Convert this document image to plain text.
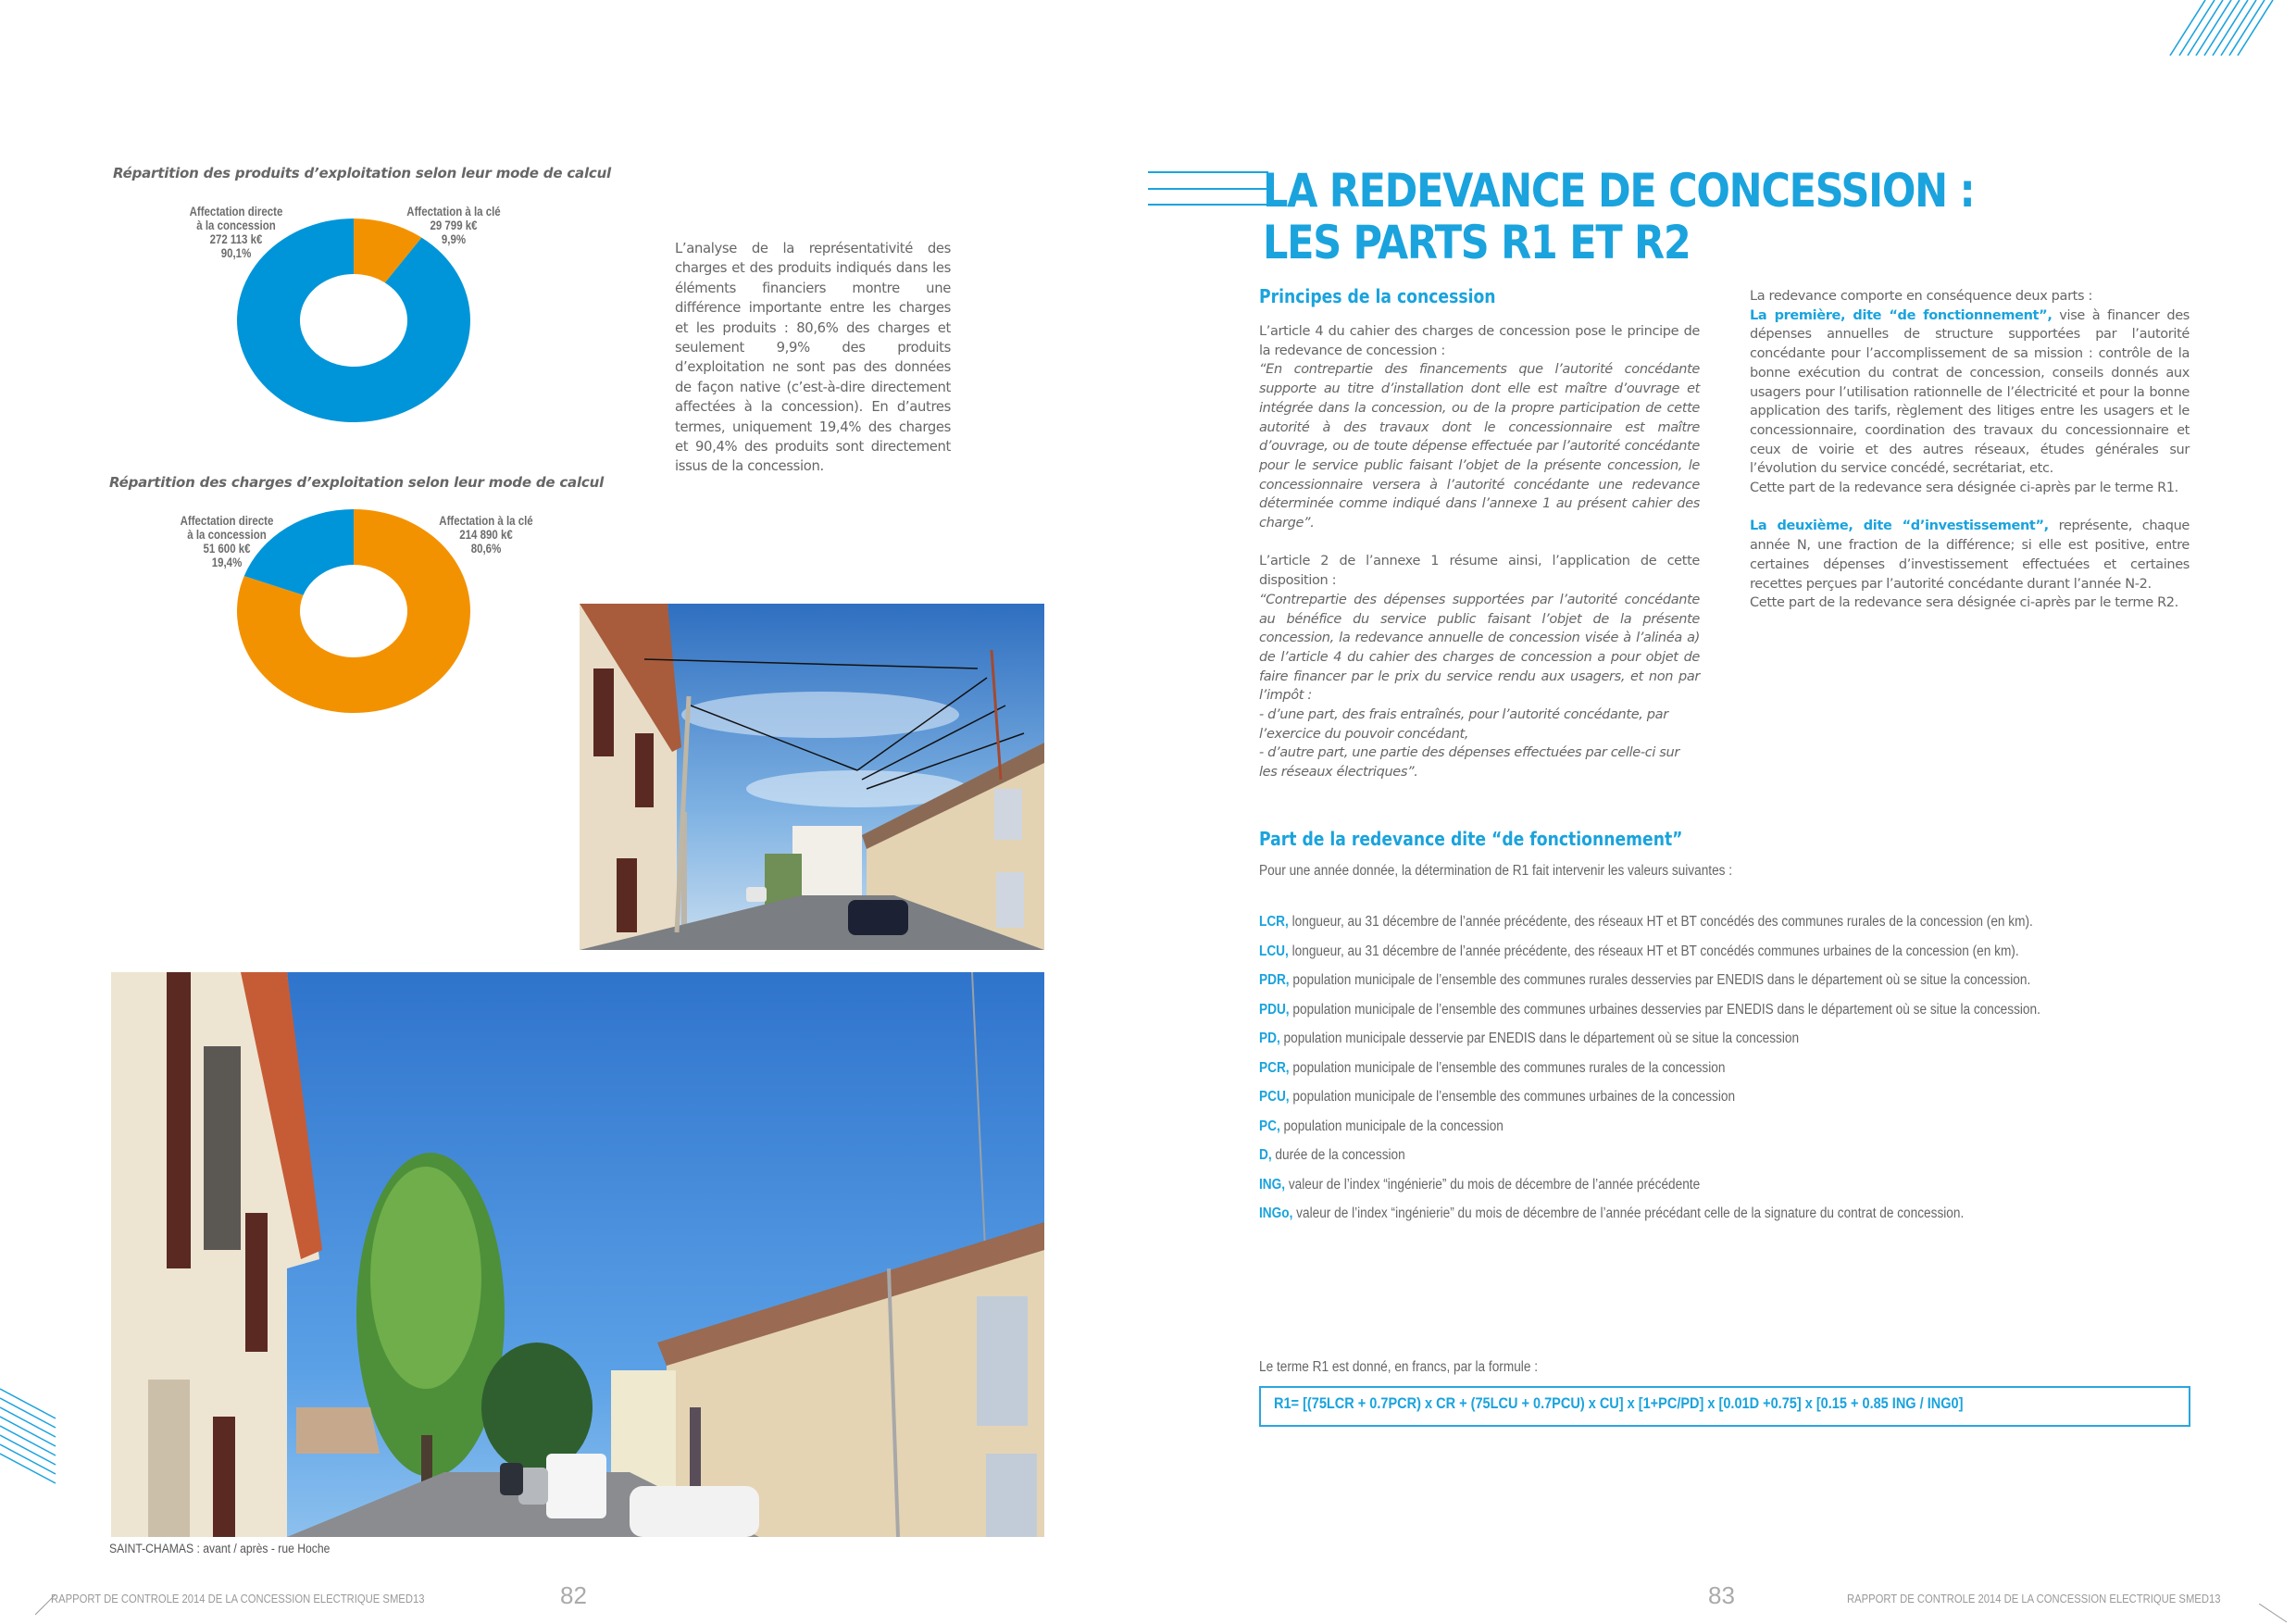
Répartition des produits d’exploitation selon leur mode de calcul
Affectation directe
à la concession
272 113 k€
90,1%
Affectation à la clé
29 799 k€
9,9%
Répartition des charges d’exploitation selon leur mode de calcul
Affectation directe
à la concession
51 600 k€
19,4%
Affectation à la clé
214 890 k€
80,6%
L’analyse de la représentativité des charges et des produits indiqués dans les éléments financiers montre une différence importante entre les charges et les produits : 80,6% des charges et seulement 9,9% des produits d’exploitation ne sont pas des données de façon native (c’est-à-dire directement affectées à la concession). En d’autres termes, uniquement 19,4% des charges et 90,4% des produits sont directement issus de la concession.
SAINT-CHAMAS : avant / après - rue Hoche
RAPPORT DE CONTROLE 2014 DE LA CONCESSION ELECTRIQUE SMED13	82
LA REDEVANCE DE CONCESSION :
LES PARTS R1 ET R2
Principes de la concession
L’article 4 du cahier des charges de concession pose le principe de la redevance de concession :
“En contrepartie des financements que l’autorité concédante supporte au titre d’installation dont elle est maître d’ouvrage et intégrée dans la concession, ou de la propre participation de cette autorité à des travaux dont le concessionnaire est maître d’ouvrage, ou de toute dépense effectuée par l’autorité concédante pour le service public faisant l’objet de la présente concession, le concessionnaire versera à l’autorité concédante une redevance déterminée comme indiqué dans l’annexe 1 au présent cahier des charge”.
L’article 2 de l’annexe 1 résume ainsi, l’application de cette disposition :
“Contrepartie des dépenses supportées par l’autorité concédante au bénéfice du service public faisant l’objet de la présente concession, la redevance annuelle de concession visée à l’alinéa a) de l’article 4 du cahier des charges de concession a pour objet de faire financer par le prix du service rendu aux usagers, et non par l’impôt :
- d’une part, des frais entraînés, pour l’autorité concédante, par l’exercice du pouvoir concédant,
- d’autre part, une partie des dépenses effectuées par celle-ci sur les réseaux électriques”.
La redevance comporte en conséquence deux parts :
La première, dite “de fonctionnement”, vise à financer des dépenses annuelles de structure supportées par l’autorité concédante pour l’accomplissement de sa mission : contrôle de la bonne exécution du contrat de concession, conseils donnés aux usagers pour l’utilisation rationnelle de l’électricité et pour la bonne application des tarifs, règlement des litiges entre les usagers et le concessionnaire, coordination des travaux du concessionnaire et ceux de voirie et des autres réseaux, études générales sur l’évolution du service concédé, secrétariat, etc.
Cette part de la redevance sera désignée ci-après par le terme R1.
La deuxième, dite “d’investissement”, représente, chaque année N, une fraction de la différence; si elle est positive, entre certaines dépenses d’investissement effectuées et certaines recettes perçues par l’autorité concédante durant l’année N-2.
Cette part de la redevance sera désignée ci-après par le terme R2.
Part de la redevance dite “de fonctionnement”
Pour une année donnée, la détermination de R1 fait intervenir les valeurs suivantes :
LCR, longueur, au 31 décembre de l’année précédente, des réseaux HT et BT concédés des communes rurales de la concession (en km).
LCU, longueur, au 31 décembre de l’année précédente, des réseaux HT et BT concédés communes urbaines de la concession (en km).
PDR, population municipale de l’ensemble des communes rurales desservies par ENEDIS dans le département où se situe la concession.
PDU, population municipale de l’ensemble des communes urbaines desservies par ENEDIS dans le département où se situe la concession.
PD, population municipale desservie par ENEDIS dans le département où se situe la concession
PCR, population municipale de l’ensemble des communes rurales de la concession
PCU, population municipale de l’ensemble des communes urbaines de la concession
PC, population municipale de la concession
D, durée de la concession
ING, valeur de l’index “ingénierie” du mois de décembre de l’année précédente
INGo, valeur de l’index “ingénierie” du mois de décembre de l’année précédant celle de la signature du contrat de concession.
Le terme R1 est donné, en francs, par la formule :
R1= [(75LCR + 0.7PCR) x CR + (75LCU + 0.7PCU) x CU] x [1+PC/PD] x [0.01D +0.75] x [0.15 + 0.85 ING / ING0]
83	RAPPORT DE CONTROLE 2014 DE LA CONCESSION ELECTRIQUE SMED13
